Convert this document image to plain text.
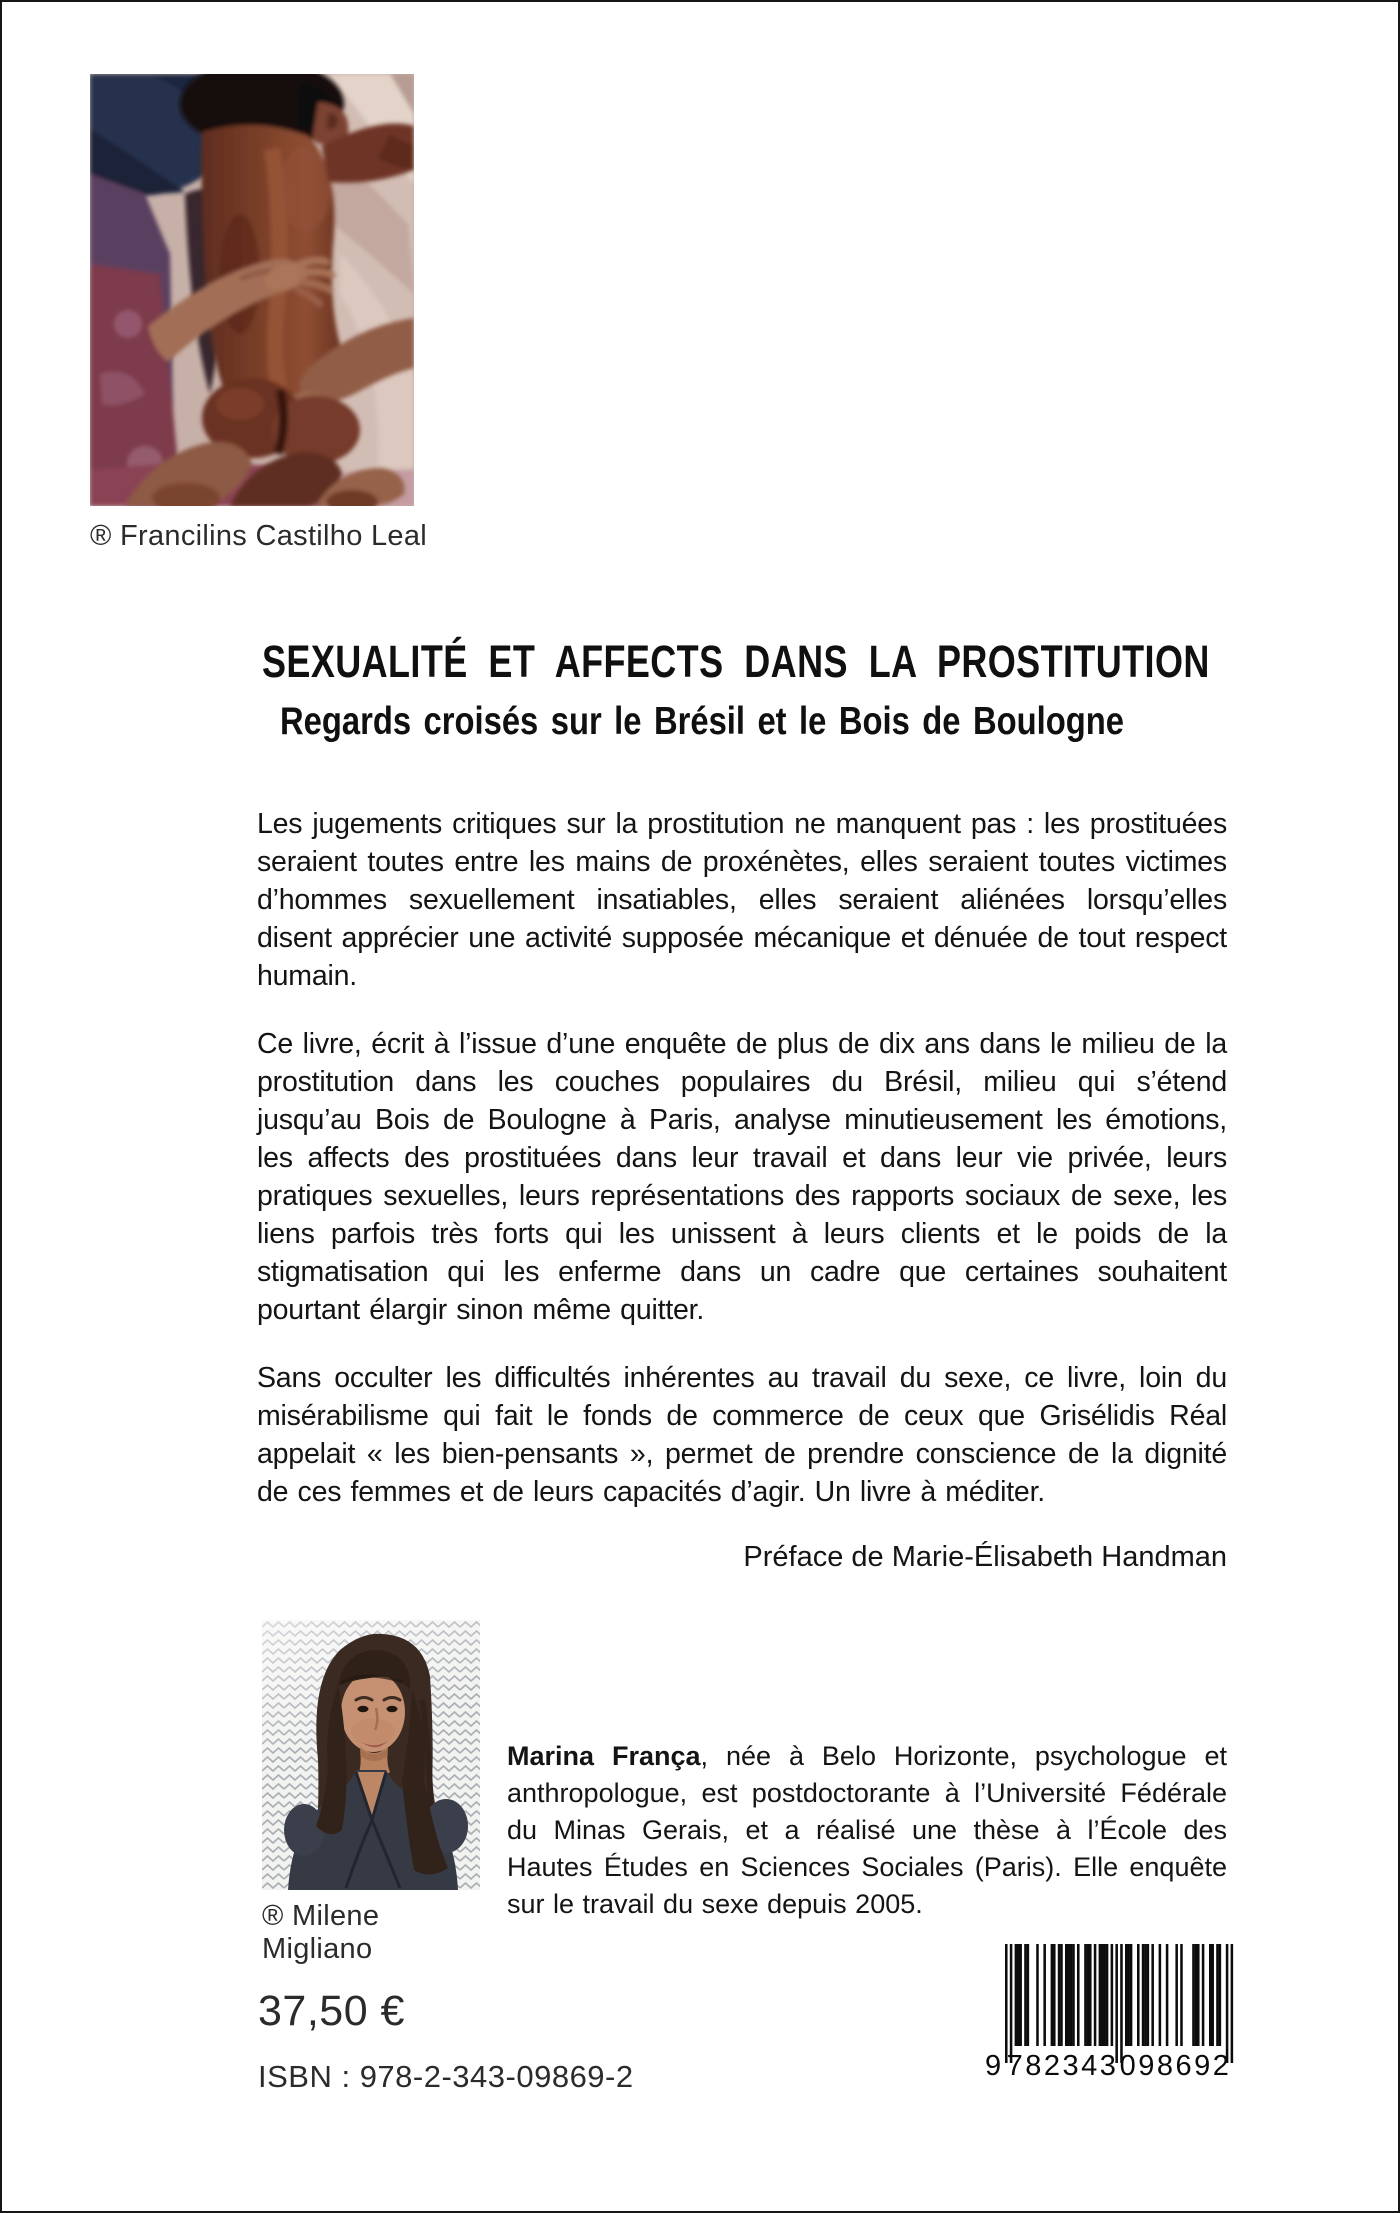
® Francilins Castilho Leal
SEXUALITÉ ET AFFECTS DANS LA PROSTITUTION
Regards croisés sur le Brésil et le Bois de Boulogne

Les jugements critiques sur la prostitution ne manquent pas : les prostituées seraient toutes entre les mains de proxénètes, elles seraient toutes victimes d’hommes sexuellement insatiables, elles seraient aliénées lorsqu’elles disent apprécier une activité supposée mécanique et dénuée de tout respect humain.

Ce livre, écrit à l’issue d’une enquête de plus de dix ans dans le milieu de la prostitution dans les couches populaires du Brésil, milieu qui s’étend jusqu’au Bois de Boulogne à Paris, analyse minutieusement les émotions, les affects des prostituées dans leur travail et dans leur vie privée, leurs pratiques sexuelles, leurs représentations des rapports sociaux de sexe, les liens parfois très forts qui les unissent à leurs clients et le poids de la stigmatisation qui les enferme dans un cadre que certaines souhaitent pourtant élargir sinon même quitter.

Sans occulter les difficultés inhérentes au travail du sexe, ce livre, loin du misérabilisme qui fait le fonds de commerce de ceux que Grisélidis Réal appelait « les bien-pensants », permet de prendre conscience de la dignité de ces femmes et de leurs capacités d’agir. Un livre à méditer.

Préface de Marie-Élisabeth Handman

® Milene Migliano

Marina França, née à Belo Horizonte, psychologue et anthropologue, est postdoctorante à l’Université Fédérale du Minas Gerais, et a réalisé une thèse à l’École des Hautes Études en Sciences Sociales (Paris). Elle enquête sur le travail du sexe depuis 2005.

37,50 €
ISBN : 978-2-343-09869-2	9 782343 098692
